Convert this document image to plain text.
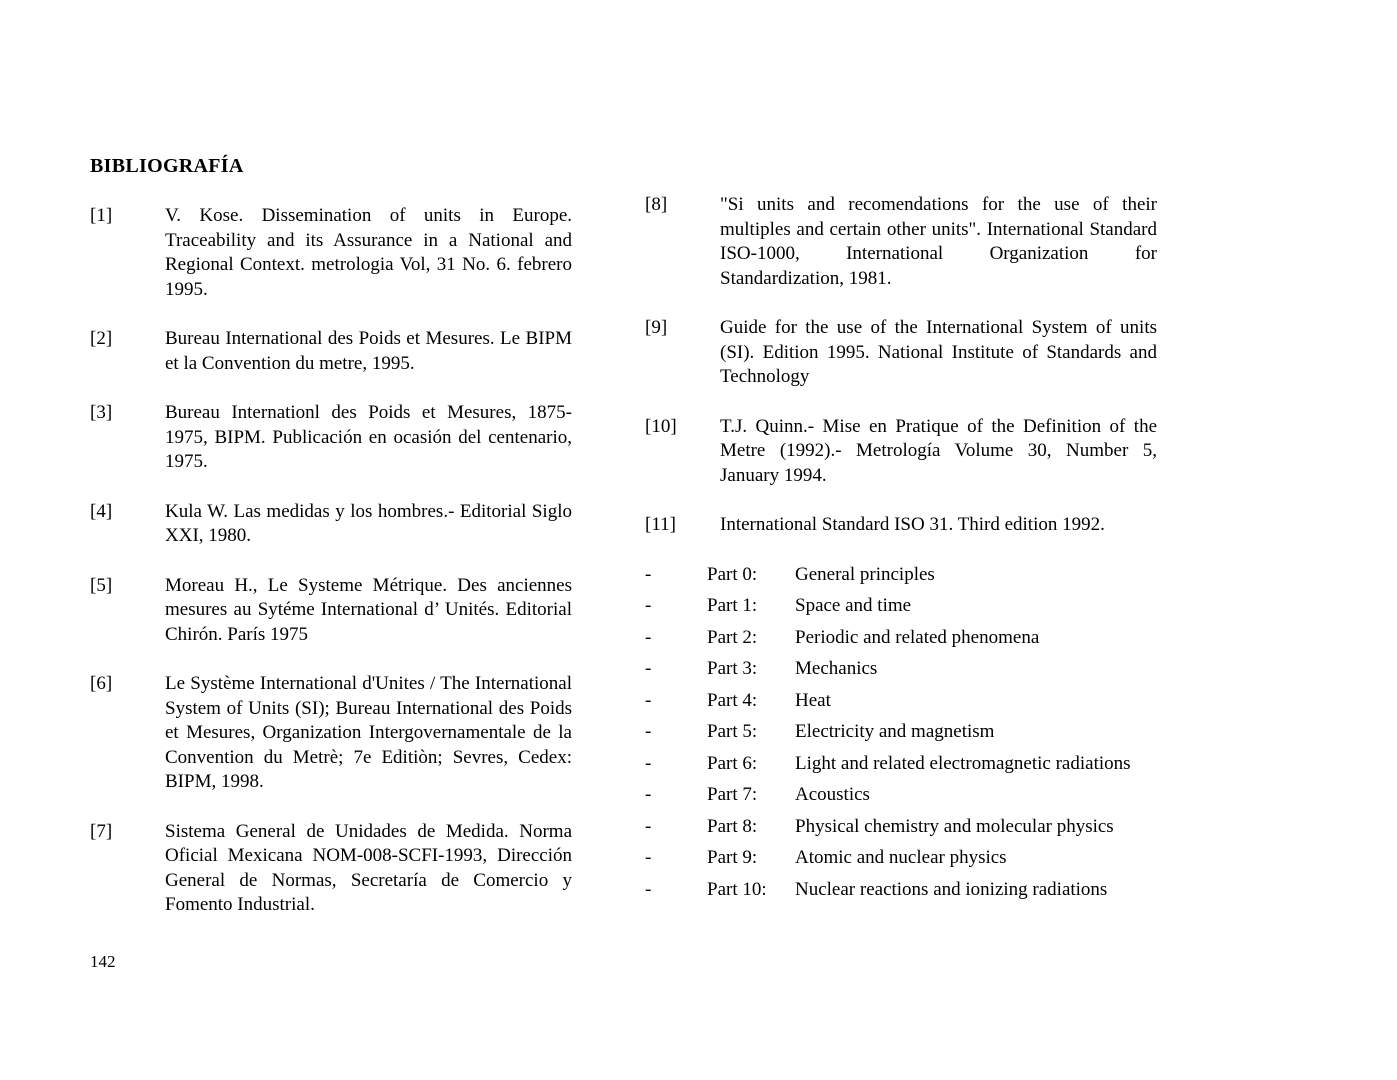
BIBLIOGRAFÍA
[1]	V. Kose. Dissemination of units in Europe. Traceability and its Assurance in a National and Regional Context. metrologia Vol, 31 No. 6. febrero 1995.

[2]	Bureau International des Poids et Mesures. Le BIPM et la Convention du metre, 1995.

[3]	Bureau Internationl des Poids et Mesures, 1875-1975, BIPM. Publicación en ocasión del centenario, 1975.

[4]	Kula W. Las medidas y los hombres.- Editorial Siglo XXI, 1980.

[5]	Moreau H., Le Systeme Métrique. Des anciennes mesures au Sytéme International d’ Unités. Editorial Chirón. París 1975

[6]	Le Système International d'Unites / The International System of Units (SI); Bureau International des Poids et Mesures, Organization Intergovernamentale de la Convention du Metrè; 7e Editiòn; Sevres, Cedex: BIPM, 1998.

[7]	Sistema General de Unidades de Medida. Norma Oficial Mexicana NOM-008-SCFI-1993, Dirección General de Normas, Secretaría de Comercio y Fomento Industrial.

[8]	"Si units and recomendations for the use of their multiples and certain other units". International Standard ISO-1000, International Organization for Standardization, 1981.

[9]	Guide for the use of the International System of units (SI). Edition 1995. National Institute of Standards and Technology

[10]	T.J. Quinn.- Mise en Pratique of the Definition of the Metre (1992).- Metrología Volume 30, Number 5, January 1994.

[11]	International Standard ISO 31. Third edition 1992.

-	Part 0:	General principles
-	Part 1:	Space and time
-	Part 2:	Periodic and related phenomena
-	Part 3:	Mechanics
-	Part 4:	Heat
-	Part 5:	Electricity and magnetism
-	Part 6:	Light and related electromagnetic radiations
-	Part 7:	Acoustics
-	Part 8:	Physical chemistry and molecular physics
-	Part 9:	Atomic and nuclear physics
-	Part 10:	Nuclear reactions and ionizing radiations
142
